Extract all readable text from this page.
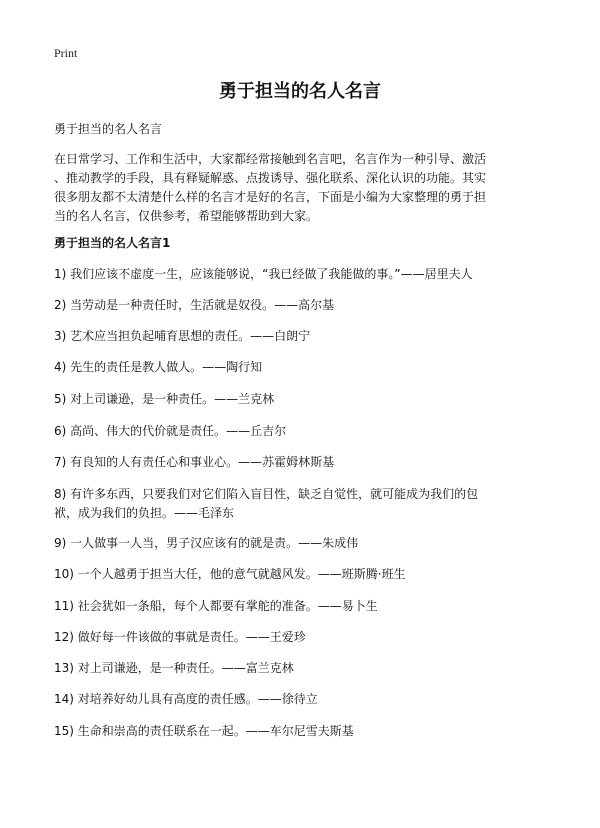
Print
勇于担当的名人名言
勇于担当的名人名言

在日常学习、工作和生活中，大家都经常接触到名言吧，名言作为一种引导、激活
、推动教学的手段，具有释疑解惑、点拨诱导、强化联系、深化认识的功能。其实
很多朋友都不太清楚什么样的名言才是好的名言，下面是小编为大家整理的勇于担
当的名人名言，仅供参考，希望能够帮助到大家。

勇于担当的名人名言1

1) 我们应该不虚度一生，应该能够说，“我已经做了我能做的事。”——居里夫人

2) 当劳动是一种责任时，生活就是奴役。——高尔基

3) 艺术应当担负起哺育思想的责任。——白朗宁

4) 先生的责任是教人做人。——陶行知

5) 对上司谦逊，是一种责任。——兰克林

6) 高尚、伟大的代价就是责任。——丘吉尔

7) 有良知的人有责任心和事业心。——苏霍姆林斯基

8) 有许多东西，只要我们对它们陷入盲目性，缺乏自觉性，就可能成为我们的包
袱，成为我们的负担。——毛泽东

9) 一人做事一人当，男子汉应该有的就是责。——朱成伟

10) 一个人越勇于担当大任，他的意气就越风发。——班斯腾·班生

11) 社会犹如一条船，每个人都要有掌舵的准备。——易卜生

12) 做好每一件该做的事就是责任。——王爱珍

13) 对上司谦逊，是一种责任。——富兰克林

14) 对培养好幼儿具有高度的责任感。——徐待立

15) 生命和崇高的责任联系在一起。——车尔尼雪夫斯基
